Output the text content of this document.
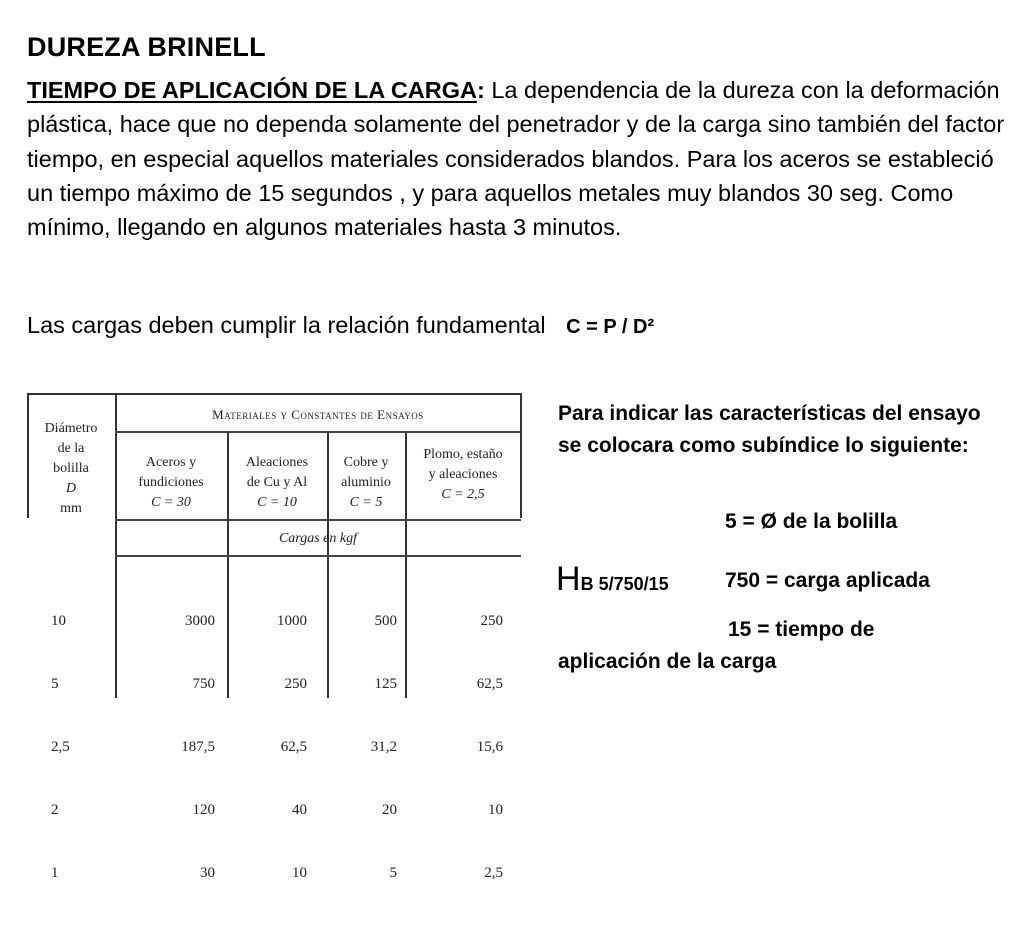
DUREZA BRINELL
TIEMPO DE APLICACIÓN DE LA CARGA: La dependencia de la dureza con la deformación plástica, hace que no dependa solamente del penetrador y de la carga sino también del factor tiempo, en especial aquellos materiales considerados blandos. Para los aceros se estableció un tiempo máximo de 15 segundos , y para aquellos metales muy blandos 30 seg. Como mínimo, llegando en algunos materiales hasta 3 minutos.
Las cargas deben cumplir la relación fundamental C = P / D²
Diámetro
de la
bolilla
D
mm
Materiales y Constantes de Ensayos
Aceros y
fundiciones
C = 30
Aleaciones
de Cu y Al
C = 10
Cobre y
aluminio
C = 5
Plomo, estaño
y aleaciones
C = 2,5
Cargas en kgf

10

5

2,5

2

1

3000

750

187,5

120

30

1000

250

62,5

40

10

500

125

31,2

20

5

250

62,5

15,6

10

2,5

Para indicar las características del ensayo se colocara como subíndice lo siguiente:
5 = Ø de la bolilla
HB 5/750/15	750 = carga aplicada
15 = tiempo de
aplicación de la carga
